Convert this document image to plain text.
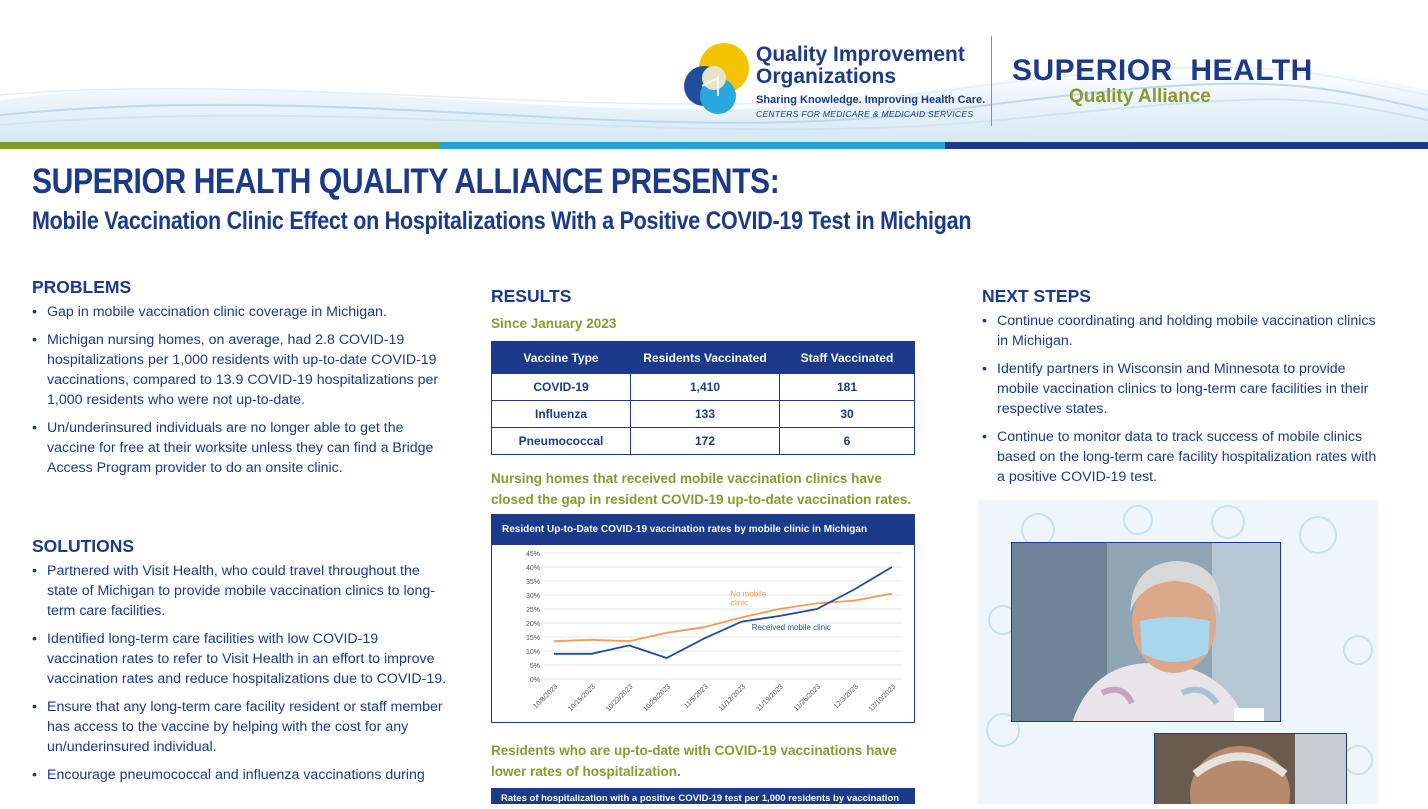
Quality Improvement
Organizations
Sharing Knowledge. Improving Health Care.
CENTERS FOR MEDICARE & MEDICAID SERVICES
SUPERIOR  HEALTH
Quality Alliance
SUPERIOR HEALTH QUALITY ALLIANCE PRESENTS:
Mobile Vaccination Clinic Effect on Hospitalizations With a Positive COVID-19 Test in Michigan
PROBLEMS
• Gap in mobile vaccination clinic coverage in Michigan.
• Michigan nursing homes, on average, had 2.8 COVID-19 hospitalizations per 1,000 residents with up-to-date COVID-19 vaccinations, compared to 13.9 COVID-19 hospitalizations per 1,000 residents who were not up-to-date.
• Un/underinsured individuals are no longer able to get the vaccine for free at their worksite unless they can find a Bridge Access Program provider to do an onsite clinic.
SOLUTIONS
• Partnered with Visit Health, who could travel throughout the state of Michigan to provide mobile vaccination clinics to long-term care facilities.
• Identified long-term care facilities with low COVID-19 vaccination rates to refer to Visit Health in an effort to improve vaccination rates and reduce hospitalizations due to COVID-19.
• Ensure that any long-term care facility resident or staff member has access to the vaccine by helping with the cost for any un/underinsured individual.
• Encourage pneumococcal and influenza vaccinations during
RESULTS
Since January 2023
Vaccine Type	Residents Vaccinated	Staff Vaccinated
COVID-19	1,410	181
Influenza	133	30
Pneumococcal	172	6
Nursing homes that received mobile vaccination clinics have closed the gap in resident COVID-19 up-to-date vaccination rates.
Resident Up-to-Date COVID-19 vaccination rates by mobile clinic in Michigan
0%
5%
10%
15%
20%
25%
30%
35%
40%
45%
10/8/2023 10/15/2023 10/22/2023 10/29/2023 11/5/2023 11/12/2023 11/19/2023 11/26/2023 12/3/2023 12/10/2023
No mobile
clinic
Received mobile clinic
Residents who are up-to-date with COVID-19 vaccinations have lower rates of hospitalization.
Rates of hospitalization with a positive COVID-19 test per 1,000 residents by vaccination
NEXT STEPS
• Continue coordinating and holding mobile vaccination clinics in Michigan.
• Identify partners in Wisconsin and Minnesota to provide mobile vaccination clinics to long-term care facilities in their respective states.
• Continue to monitor data to track success of mobile clinics based on the long-term care facility hospitalization rates with a positive COVID-19 test.
